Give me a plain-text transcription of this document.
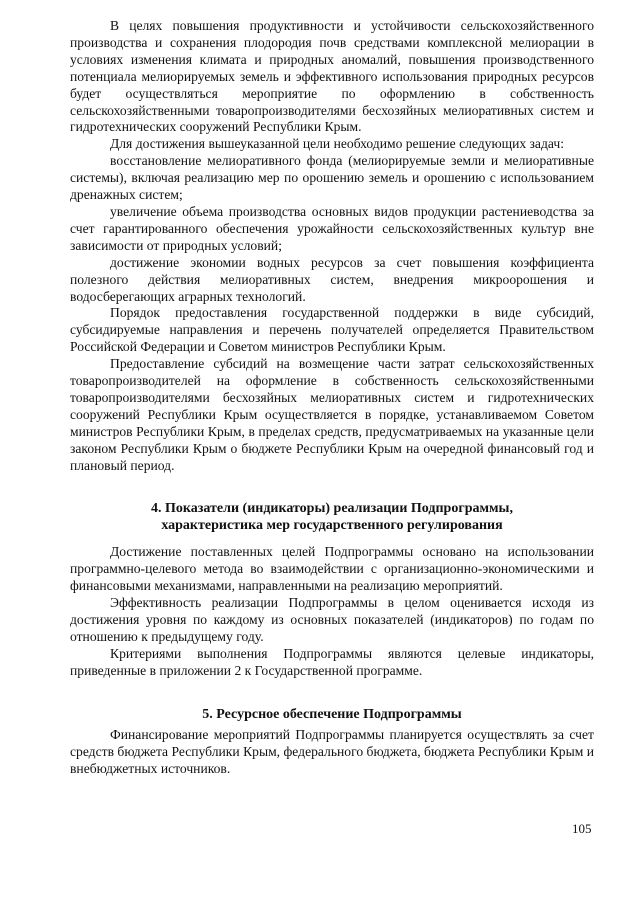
В целях повышения продуктивности и устойчивости сельскохозяйственного производства и сохранения плодородия почв средствами комплексной мелиорации в условиях изменения климата и природных аномалий, повышения производственного потенциала мелиорируемых земель и эффективного использования природных ресурсов будет осуществляться мероприятие по оформлению в собственность сельскохозяйственными товаропроизводителями бесхозяйных мелиоративных систем и гидротехнических сооружений Республики Крым.

Для достижения вышеуказанной цели необходимо решение следующих задач:

восстановление мелиоративного фонда (мелиорируемые земли и мелиоративные системы), включая реализацию мер по орошению земель и орошению с использованием дренажных систем;

увеличение объема производства основных видов продукции растениеводства за счет гарантированного обеспечения урожайности сельскохозяйственных культур вне зависимости от природных условий;

достижение экономии водных ресурсов за счет повышения коэффициента полезного действия мелиоративных систем, внедрения микроорошения и водосберегающих аграрных технологий.

Порядок предоставления государственной поддержки в виде субсидий, субсидируемые направления и перечень получателей определяется Правительством Российской Федерации и Советом министров Республики Крым.

Предоставление субсидий на возмещение части затрат сельскохозяйственных товаропроизводителей на оформление в собственность сельскохозяйственными товаропроизводителями бесхозяйных мелиоративных систем и гидротехнических сооружений Республики Крым осуществляется в порядке, устанавливаемом Советом министров Республики Крым, в пределах средств, предусматриваемых на указанные цели законом Республики Крым о бюджете Республики Крым на очередной финансовый год и плановый период.

4. Показатели (индикаторы) реализации Подпрограммы,
характеристика мер государственного регулирования

Достижение поставленных целей Подпрограммы основано на использовании программно-целевого метода во взаимодействии с организационно-экономическими и финансовыми механизмами, направленными на реализацию мероприятий.

Эффективность реализации Подпрограммы в целом оценивается исходя из достижения уровня по каждому из основных показателей (индикаторов) по годам по отношению к предыдущему году.

Критериями выполнения Подпрограммы являются целевые индикаторы, приведенные в приложении 2 к Государственной программе.

5. Ресурсное обеспечение Подпрограммы

Финансирование мероприятий Подпрограммы планируется осуществлять за счет средств бюджета Республики Крым, федерального бюджета, бюджета Республики Крым и внебюджетных источников.

105
